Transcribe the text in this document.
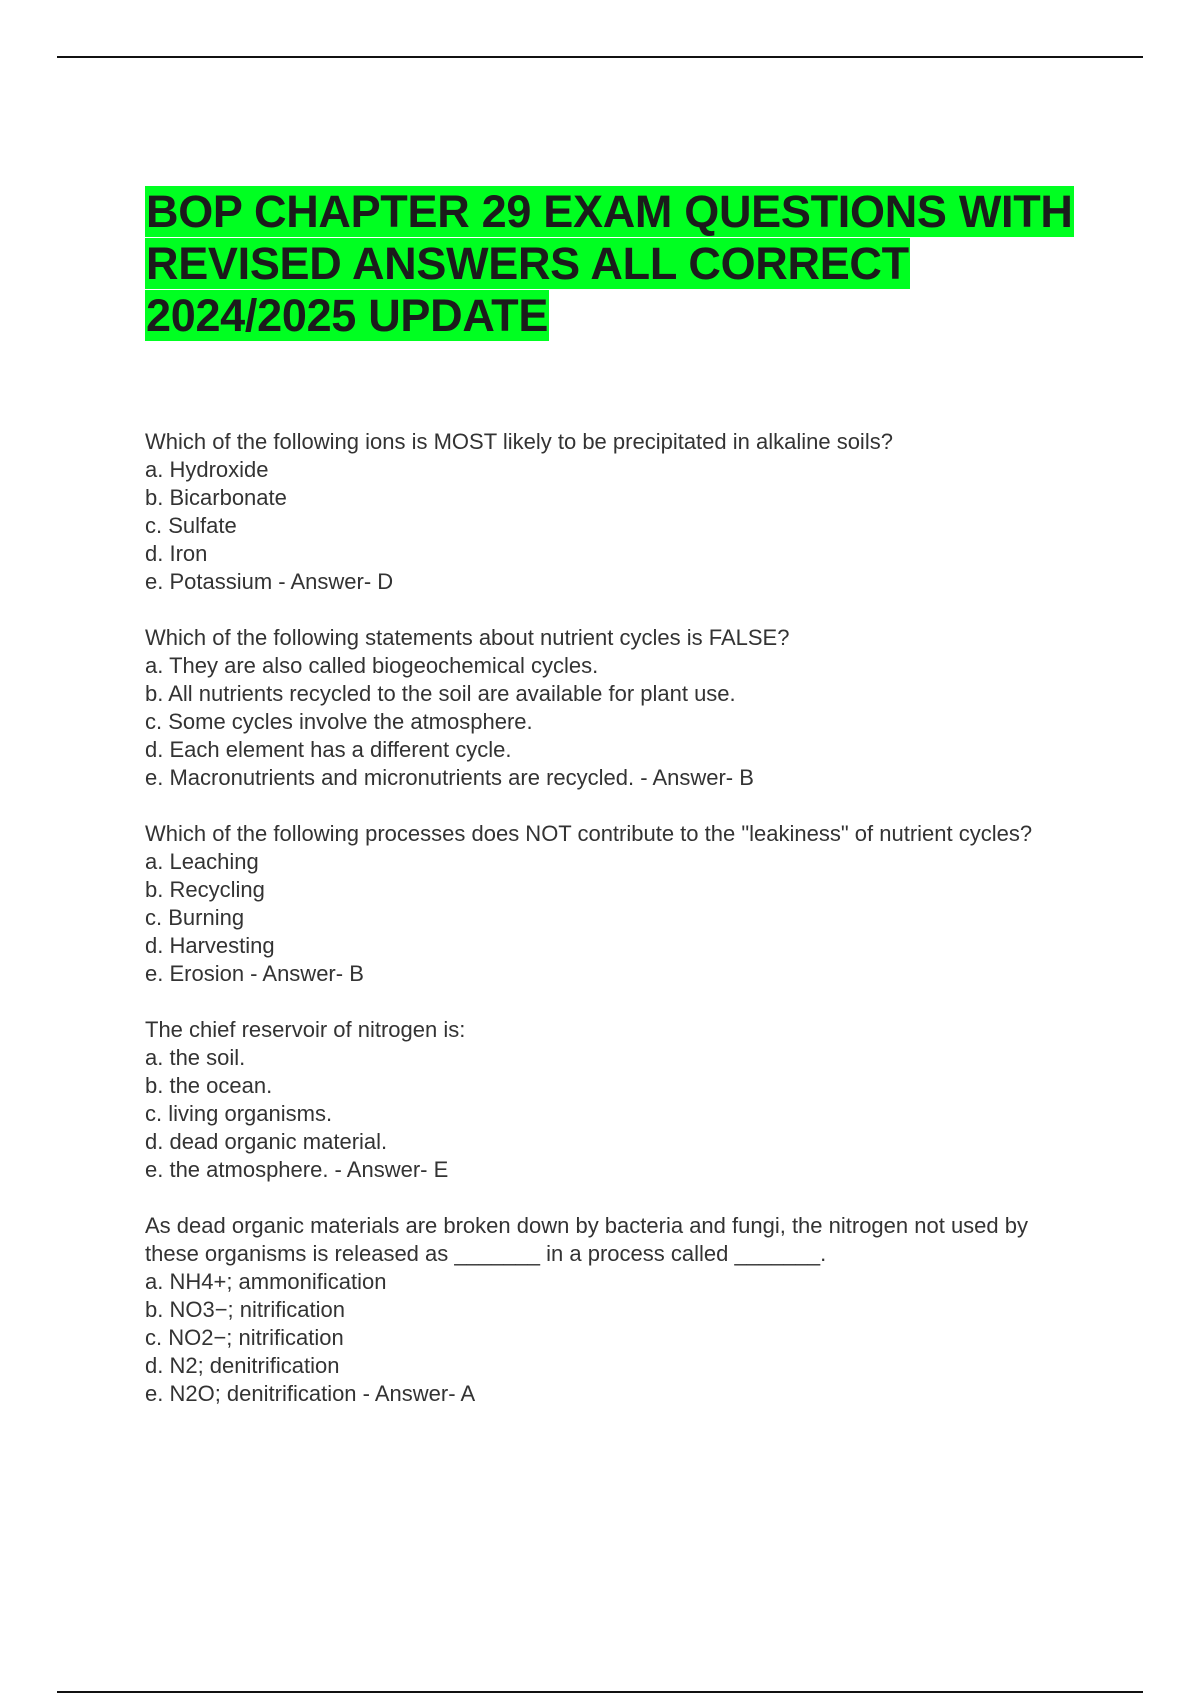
BOP CHAPTER 29 EXAM QUESTIONS WITH REVISED ANSWERS ALL CORRECT 2024/2025 UPDATE

Which of the following ions is MOST likely to be precipitated in alkaline soils?

a. Hydroxide

b. Bicarbonate

c. Sulfate

d. Iron

e. Potassium - Answer- D

Which of the following statements about nutrient cycles is FALSE?

a. They are also called biogeochemical cycles.

b. All nutrients recycled to the soil are available for plant use.

c. Some cycles involve the atmosphere.

d. Each element has a different cycle.

e. Macronutrients and micronutrients are recycled. - Answer- B

Which of the following processes does NOT contribute to the "leakiness" of nutrient cycles?

a. Leaching

b. Recycling

c. Burning

d. Harvesting

e. Erosion - Answer- B

The chief reservoir of nitrogen is:

a. the soil.

b. the ocean.

c. living organisms.

d. dead organic material.

e. the atmosphere. - Answer- E

As dead organic materials are broken down by bacteria and fungi, the nitrogen not used by these organisms is released as _______ in a process called _______.

a. NH4+; ammonification

b. NO3−; nitrification

c. NO2−; nitrification

d. N2; denitrification

e. N2O; denitrification - Answer- A
